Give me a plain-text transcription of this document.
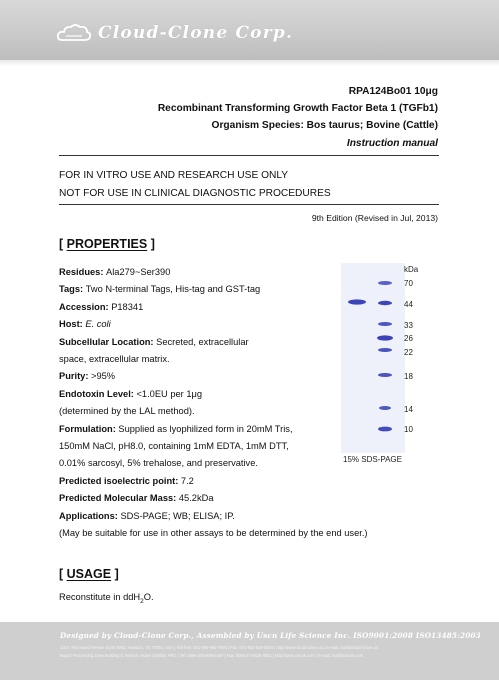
Cloud-Clone Corp.
RPA124Bo01 10μg
Recombinant Transforming Growth Factor Beta 1 (TGFb1)
Organism Species: Bos taurus; Bovine (Cattle)
Instruction manual
FOR IN VITRO USE AND RESEARCH USE ONLY
NOT FOR USE IN CLINICAL DIAGNOSTIC PROCEDURES
9th Edition (Revised in Jul, 2013)
[ PROPERTIES ]
Residues: Ala279~Ser390
Tags: Two N-terminal Tags, His-tag and GST-tag
Accession: P18341
Host: E. coli
Subcellular Location: Secreted, extracellular
space, extracellular matrix.
Purity: >95%
Endotoxin Level: <1.0EU per 1μg
(determined by the LAL method).
Formulation: Supplied as lyophilized form in 20mM Tris,
150mM NaCl, pH8.0, containing 1mM EDTA, 1mM DTT,
0.01% sarcosyl, 5% trehalose, and preservative.
Predicted isoelectric point: 7.2
Predicted Molecular Mass: 45.2kDa
Applications: SDS-PAGE; WB; ELISA; IP.
(May be suitable for use in other assays to be determined by the end user.)
kDa
70
44
33
26
22
18
14
10
15% SDS-PAGE
[ USAGE ]
Reconstitute in ddH$_2$O.
Designed by Cloud-Clone Corp., Assembled by Uscn Life Science Inc. ISO9001:2008 ISO13485:2003
1027, Richmond Avenue Suite 3993, Houston, TX 77002, USA | Toll-free: 001-800-982-7593 | Fax: 001-832-538-0304 | http://www.cloud-clone.us | E-mail: mail@cloud-clone.us
Export Processing Zone Building 8, Wuhan, Hubei 430056, PRC | Tel: 0086-400-888-6467 | Fax: 0086-27-8425-9551 | http://www.uscnk.com | E-mail: mail@uscnk.com
